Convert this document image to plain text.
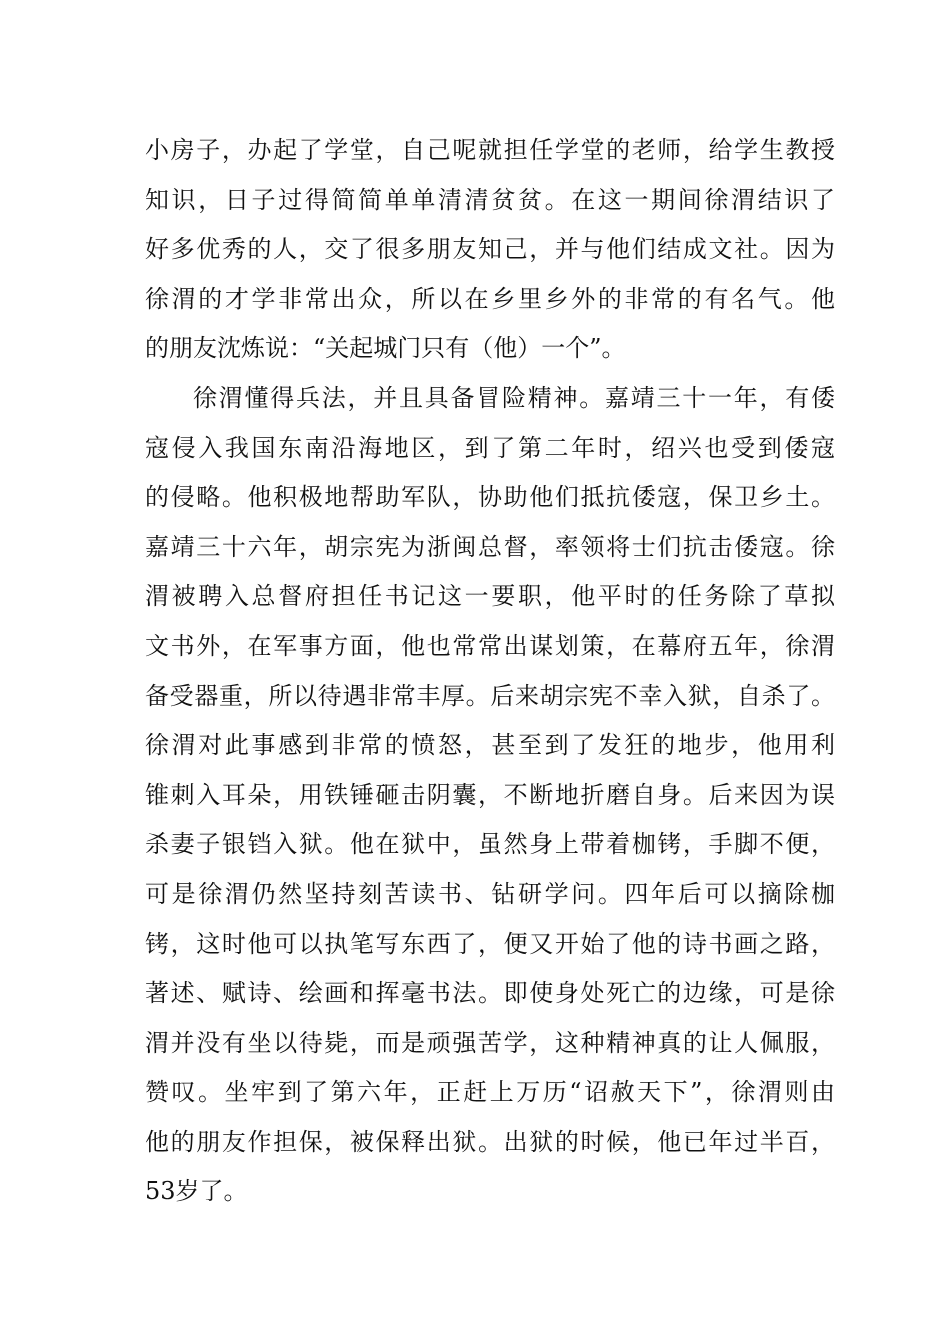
小房子，办起了学堂，自己呢就担任学堂的老师，给学生教授
知识，日子过得简简单单清清贫贫。在这一期间徐渭结识了
好多优秀的人，交了很多朋友知己，并与他们结成文社。因为
徐渭的才学非常出众，所以在乡里乡外的非常的有名气。他
的朋友沈炼说：“关起城门只有（他）一个”。
徐渭懂得兵法，并且具备冒险精神。嘉靖三十一年，有倭
寇侵入我国东南沿海地区，到了第二年时，绍兴也受到倭寇
的侵略。他积极地帮助军队，协助他们抵抗倭寇，保卫乡土。
嘉靖三十六年，胡宗宪为浙闽总督，率领将士们抗击倭寇。徐
渭被聘入总督府担任书记这一要职，他平时的任务除了草拟
文书外，在军事方面，他也常常出谋划策，在幕府五年，徐渭
备受器重，所以待遇非常丰厚。后来胡宗宪不幸入狱，自杀了。
徐渭对此事感到非常的愤怒，甚至到了发狂的地步，他用利
锥刺入耳朵，用铁锤砸击阴囊，不断地折磨自身。后来因为误
杀妻子银铛入狱。他在狱中，虽然身上带着枷铐，手脚不便，
可是徐渭仍然坚持刻苦读书、钻研学问。四年后可以摘除枷
铐，这时他可以执笔写东西了，便又开始了他的诗书画之路，
著述、赋诗、绘画和挥毫书法。即使身处死亡的边缘，可是徐
渭并没有坐以待毙，而是顽强苦学，这种精神真的让人佩服，
赞叹。坐牢到了第六年，正赶上万历“诏赦天下”，徐渭则由
他的朋友作担保，被保释出狱。出狱的时候，他已年过半百，
53岁了。
